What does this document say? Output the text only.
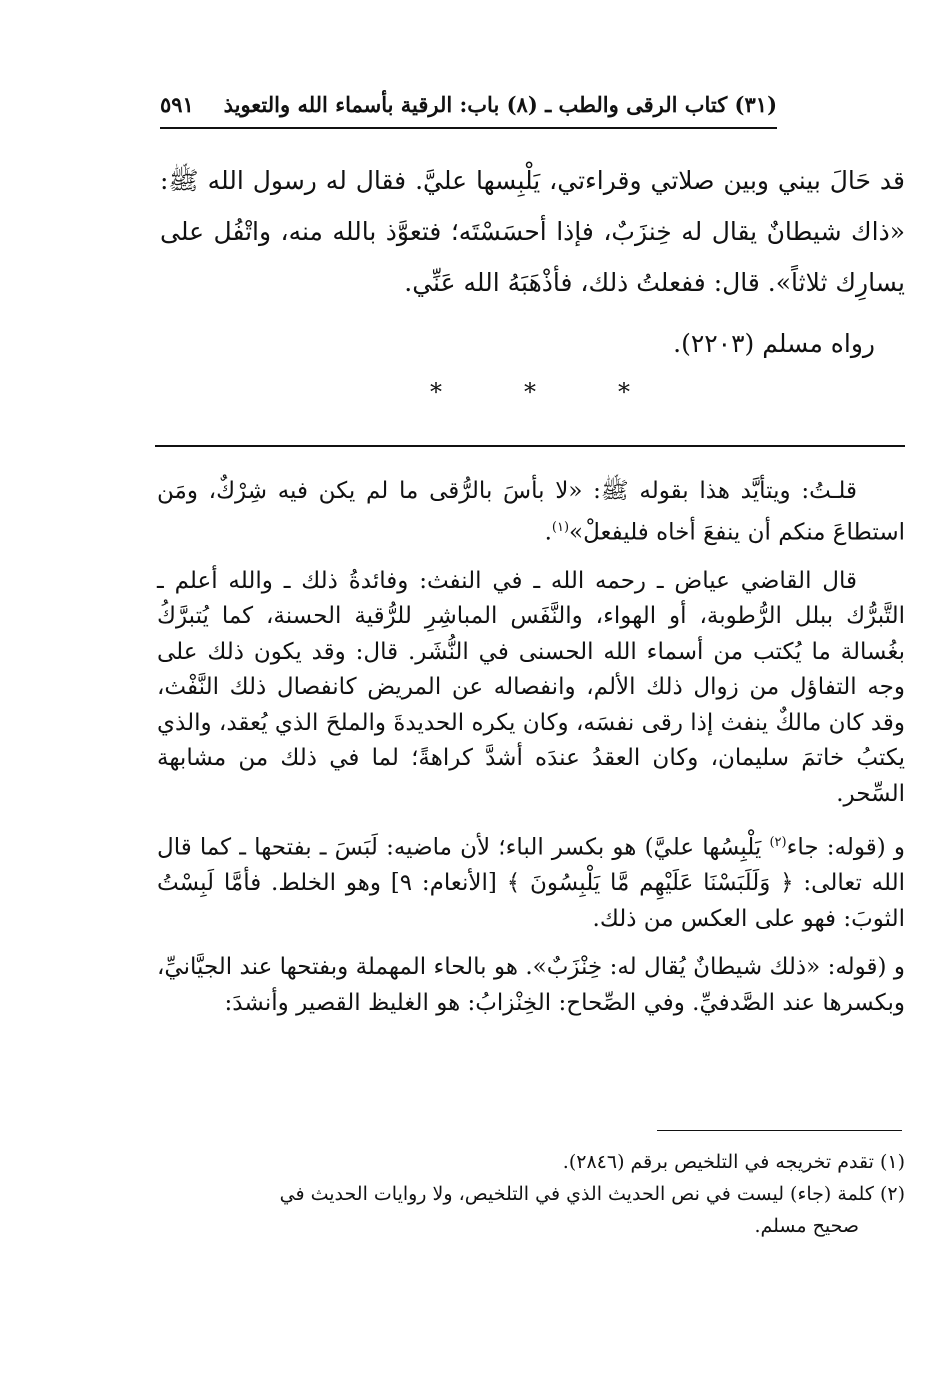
(٣١) كتاب الرقى والطب ـ (٨) باب: الرقية بأسماء الله والتعويذ
٥٩١

قد حَالَ بيني وبين صلاتي وقراءتي، يَلْبِسها عليَّ. فقال له رسول الله ﷺ: «ذاك شيطانٌ يقال له خِنزَبٌ، فإذا أحسَسْتَه؛ فتعوَّذ بالله منه، واتْفُل على يسارِك ثلاثاً». قال: ففعلتُ ذلك، فأذْهَبَهُ الله عَنِّي.

رواه مسلم (٢٢٠٣).

*	*	*

قلـتُ: ويتأيَّد هذا بقوله ﷺ: «لا بأسَ بالرُّقى ما لم يكن فيه شِرْكٌ، ومَن استطاعَ منكم أن ينفعَ أخاه فليفعلْ»$^{(١)}$.

قال القاضي عياض ـ رحمه الله ـ في النفث: وفائدةُ ذلك ـ والله أعلم ـ التَّبرُّك ببلل الرُّطوبة، أو الهواء، والنَّفَس المباشِرِ للرُّقية الحسنة، كما يُتبرَّكُ بغُسالة ما يُكتب من أسماء الله الحسنى في النُّشَر. قال: وقد يكون ذلك على وجه التفاؤل من زوال ذلك الألم، وانفصاله عن المريض كانفصال ذلك النَّفْث، وقد كان مالكٌ ينفث إذا رقى نفسَه، وكان يكره الحديدةَ والملحَ الذي يُعقد، والذي يكتبُ خاتمَ سليمان، وكان العقدُ عندَه أشدَّ كراهةً؛ لما في ذلك من مشابهة السِّحر.

و (قوله: جاء$^{(٢)}$ يَلْبِسُها عليَّ) هو بكسر الباء؛ لأن ماضيه: لَبَسَ ـ بفتحها ـ كما قال الله تعالى: ﴿ وَلَلَبَسْنَا عَلَيْهِم مَّا يَلْبِسُونَ ﴾ [الأنعام: ٩] وهو الخلط. فأمَّا لَبِسْتُ الثوبَ: فهو على العكس من ذلك.

و (قوله: «ذلك شيطانٌ يُقال له: خِنْزَبٌ». هو بالحاء المهملة وبفتحها عند الجيَّانيِّ، وبكسرها عند الصَّدفيِّ. وفي الصِّحاح: الخِنْزابُ: هو الغليظ القصير وأنشدَ:

(١) تقدم تخريجه في التلخيص برقم (٢٨٤٦).

(٢) كلمة (جاء) ليست في نص الحديث الذي في التلخيص، ولا روايات الحديث في

صحيح مسلم.
